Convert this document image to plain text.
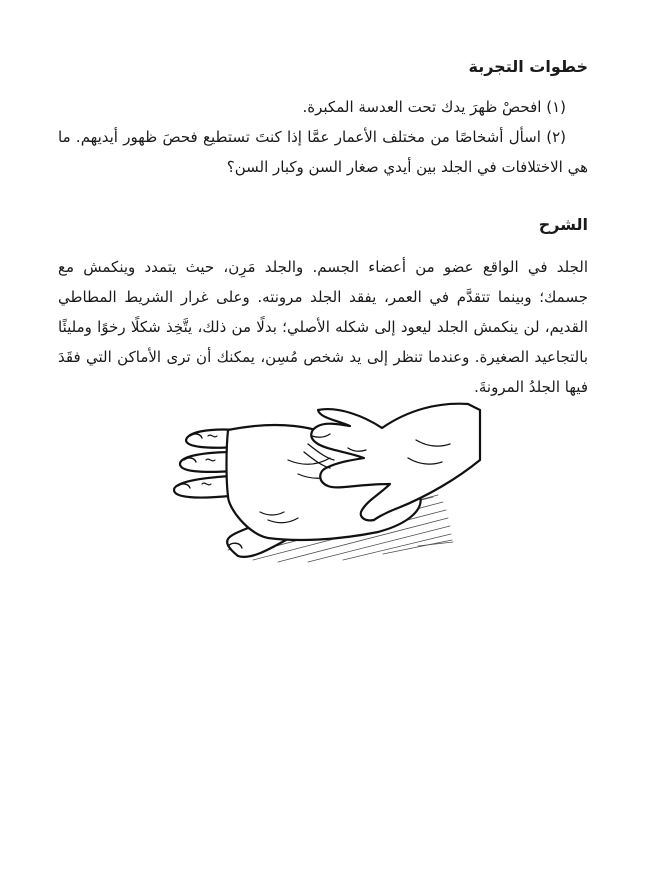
خطوات التجربة

(١) افحصْ ظهرَ يدك تحت العدسة المكبرة.

(٢) اسأل أشخاصًا من مختلف الأعمار عمَّا إذا كنتَ تستطيع فحصَ ظهور أيديهم. ما هي الاختلافات في الجلد بين أيدي صغار السن وكبار السن؟

الشرح

الجلد في الواقع عضو من أعضاء الجسم. والجلد مَرِن، حيث يتمدد وينكمش مع جسمك؛ وبينما تتقدَّم في العمر، يفقد الجلد مرونته. وعلى غرار الشريط المطاطي القديم، لن ينكمش الجلد ليعود إلى شكله الأصلي؛ بدلًا من ذلك، يتَّخِذ شكلًا رخوًا ومليئًا بالتجاعيد الصغيرة. وعندما تنظر إلى يد شخص مُسِن، يمكنك أن ترى الأماكن التي فقَدَ فيها الجلدُ المرونةَ.
